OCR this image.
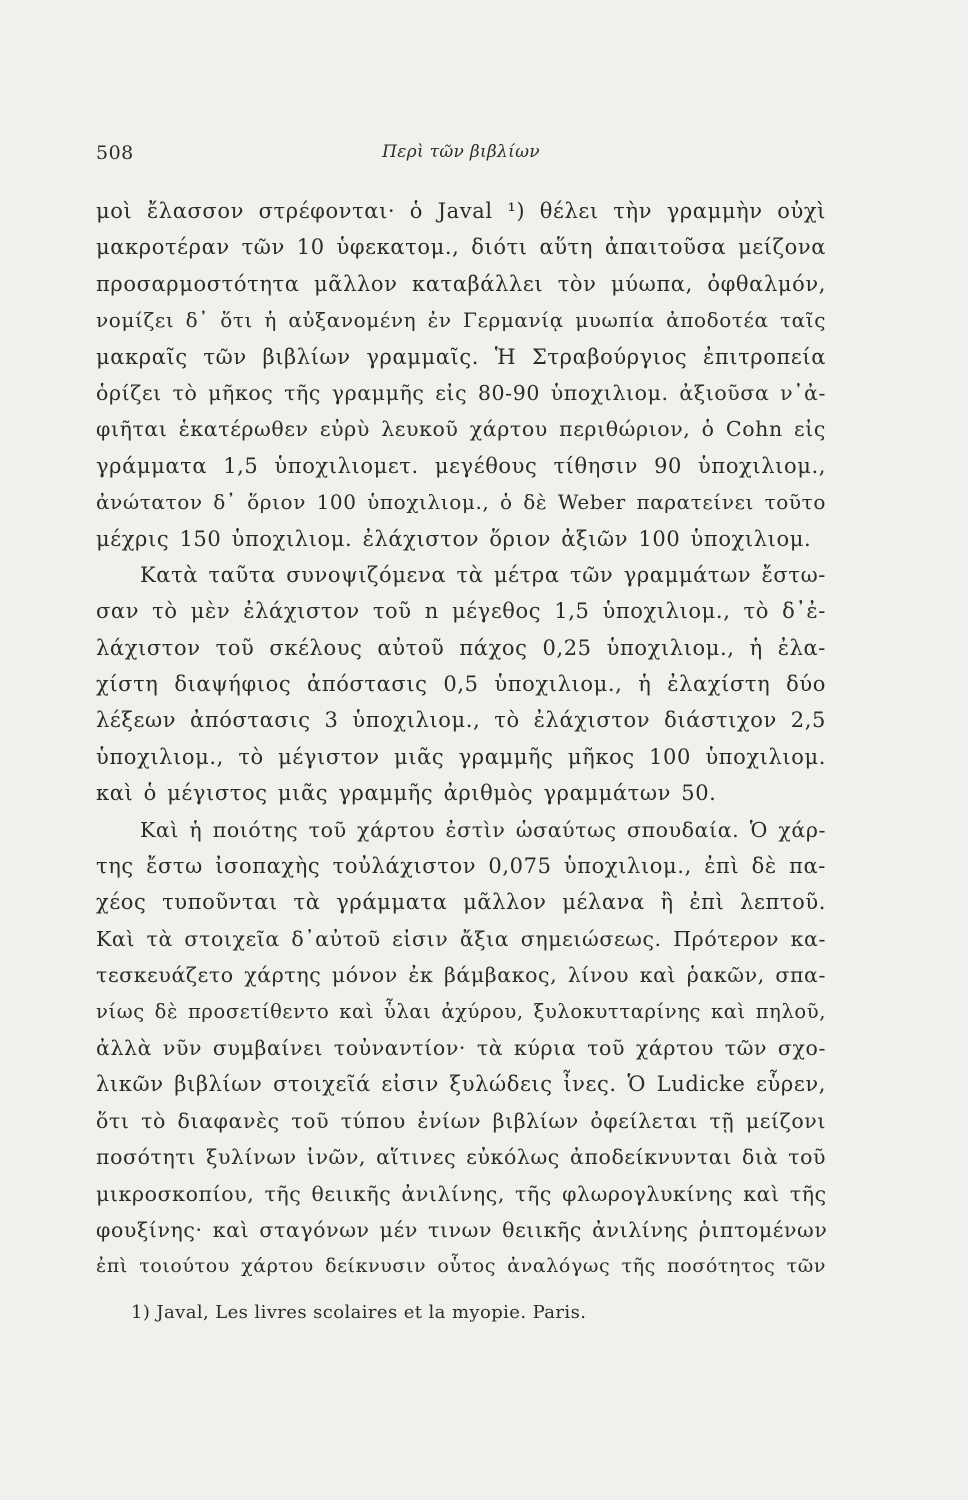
Περὶ τῶν βιβλίων
508
μοὶ ἔλασσον στρέφονται· ὁ Javal ¹) θέλει τὴν γραμμὴν οὐχὶ
μακροτέραν τῶν 10 ὑφεκατομ., διότι αὕτη ἀπαιτοῦσα μείζονα
προσαρμοστότητα μᾶλλον καταβάλλει τὸν μύωπα, ὀφθαλμόν,
νομίζει δ᾽ ὅτι ἡ αὐξανομένη ἐν Γερμανίᾳ μυωπία ἀποδοτέα ταῖς
μακραῖς τῶν βιβλίων γραμμαῖς. Ἡ Στραβούργιος ἐπιτροπεία
ὁρίζει τὸ μῆκος τῆς γραμμῆς εἰς 80-90 ὑποχιλιομ. ἀξιοῦσα ν᾽ἀ-
φιῆται ἑκατέρωθεν εὐρὺ λευκοῦ χάρτου περιθώριον, ὁ Cohn εἰς
γράμματα 1,5 ὑποχιλιομετ. μεγέθους τίθησιν 90 ὑποχιλιομ.,
ἀνώτατον δ᾽ ὅριον 100 ὑποχιλιομ., ὁ δὲ Weber παρατείνει τοῦτο
μέχρις 150 ὑποχιλιομ. ἐλάχιστον ὅριον ἀξιῶν 100 ὑποχιλιομ.
Κατὰ ταῦτα συνοψιζόμενα τὰ μέτρα τῶν γραμμάτων ἔστω-
σαν τὸ μὲν ἐλάχιστον τοῦ n μέγεθος 1,5 ὑποχιλιομ., τὸ δ᾽ἐ-
λάχιστον τοῦ σκέλους αὐτοῦ πάχος 0,25 ὑποχιλιομ., ἡ ἐλα-
χίστη διαψήφιος ἀπόστασις 0,5 ὑποχιλιομ., ἡ ἐλαχίστη δύο
λέξεων ἀπόστασις 3 ὑποχιλιομ., τὸ ἐλάχιστον διάστιχον 2,5
ὑποχιλιομ., τὸ μέγιστον μιᾶς γραμμῆς μῆκος 100 ὑποχιλιομ.
καὶ ὁ μέγιστος μιᾶς γραμμῆς ἀριθμὸς γραμμάτων 50.
Καὶ ἡ ποιότης τοῦ χάρτου ἐστὶν ὡσαύτως σπουδαία. Ὁ χάρ-
της ἔστω ἰσοπαχὴς τοὐλάχιστον 0,075 ὑποχιλιομ., ἐπὶ δὲ πα-
χέος τυποῦνται τὰ γράμματα μᾶλλον μέλανα ἢ ἐπὶ λεπτοῦ.
Καὶ τὰ στοιχεῖα δ᾽αὐτοῦ εἰσιν ἄξια σημειώσεως. Πρότερον κα-
τεσκευάζετο χάρτης μόνον ἐκ βάμβακος, λίνου καὶ ῥακῶν, σπα-
νίως δὲ προσετίθεντο καὶ ὗλαι ἀχύρου, ξυλοκυτταρίνης καὶ πηλοῦ,
ἀλλὰ νῦν συμβαίνει τοὐναντίον· τὰ κύρια τοῦ χάρτου τῶν σχο-
λικῶν βιβλίων στοιχεῖά εἰσιν ξυλώδεις ἶνες. Ὁ Ludicke εὗρεν,
ὅτι τὸ διαφανὲς τοῦ τύπου ἐνίων βιβλίων ὀφείλεται τῇ μείζονι
ποσότητι ξυλίνων ἰνῶν, αἵτινες εὐκόλως ἀποδείκνυνται διὰ τοῦ
μικροσκοπίου, τῆς θειικῆς ἀνιλίνης, τῆς φλωρογλυκίνης καὶ τῆς
φουξίνης· καὶ σταγόνων μέν τινων θειικῆς ἀνιλίνης ῥιπτομένων
ἐπὶ τοιούτου χάρτου δείκνυσιν οὗτος ἀναλόγως τῆς ποσότητος τῶν
1) Javal, Les livres scolaires et la myopie. Paris.
